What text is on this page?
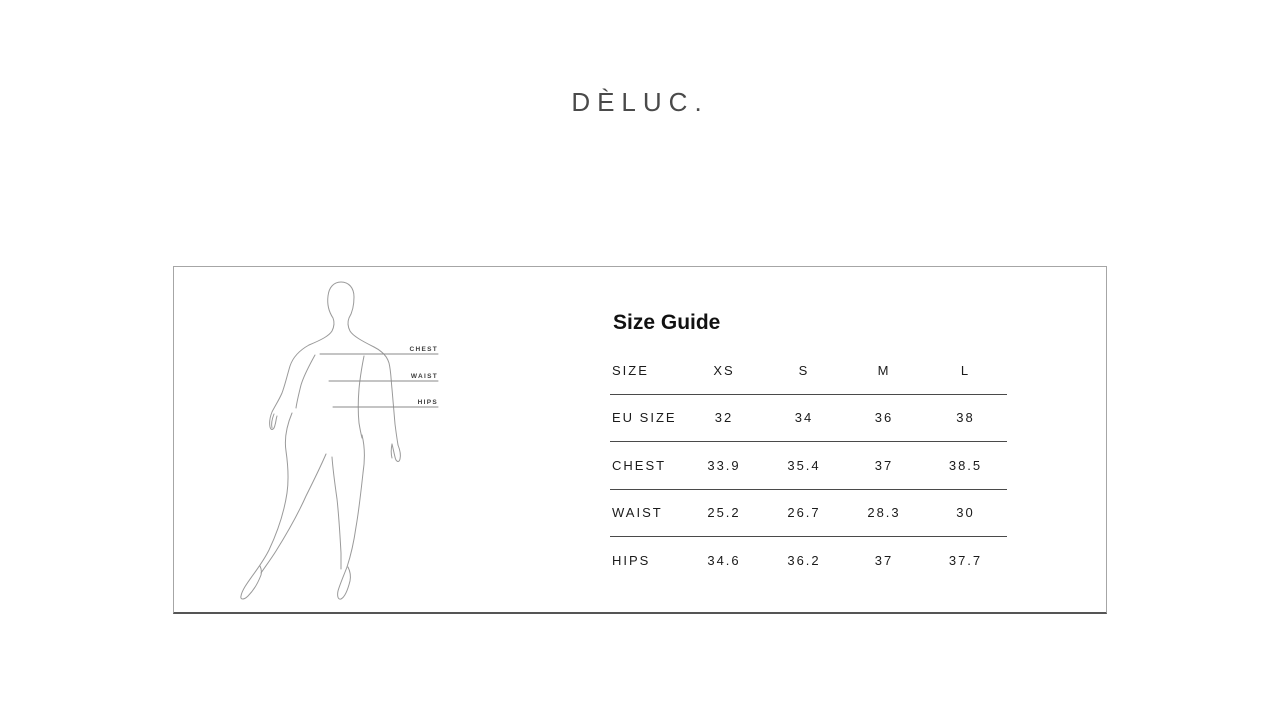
DÈLUC.
CHEST
WAIST
HIPS
Size Guide
SIZE	XS	S	M	L
EU SIZE	32	34	36	38
CHEST	33.9	35.4	37	38.5
WAIST	25.2	26.7	28.3	30
HIPS	34.6	36.2	37	37.7
